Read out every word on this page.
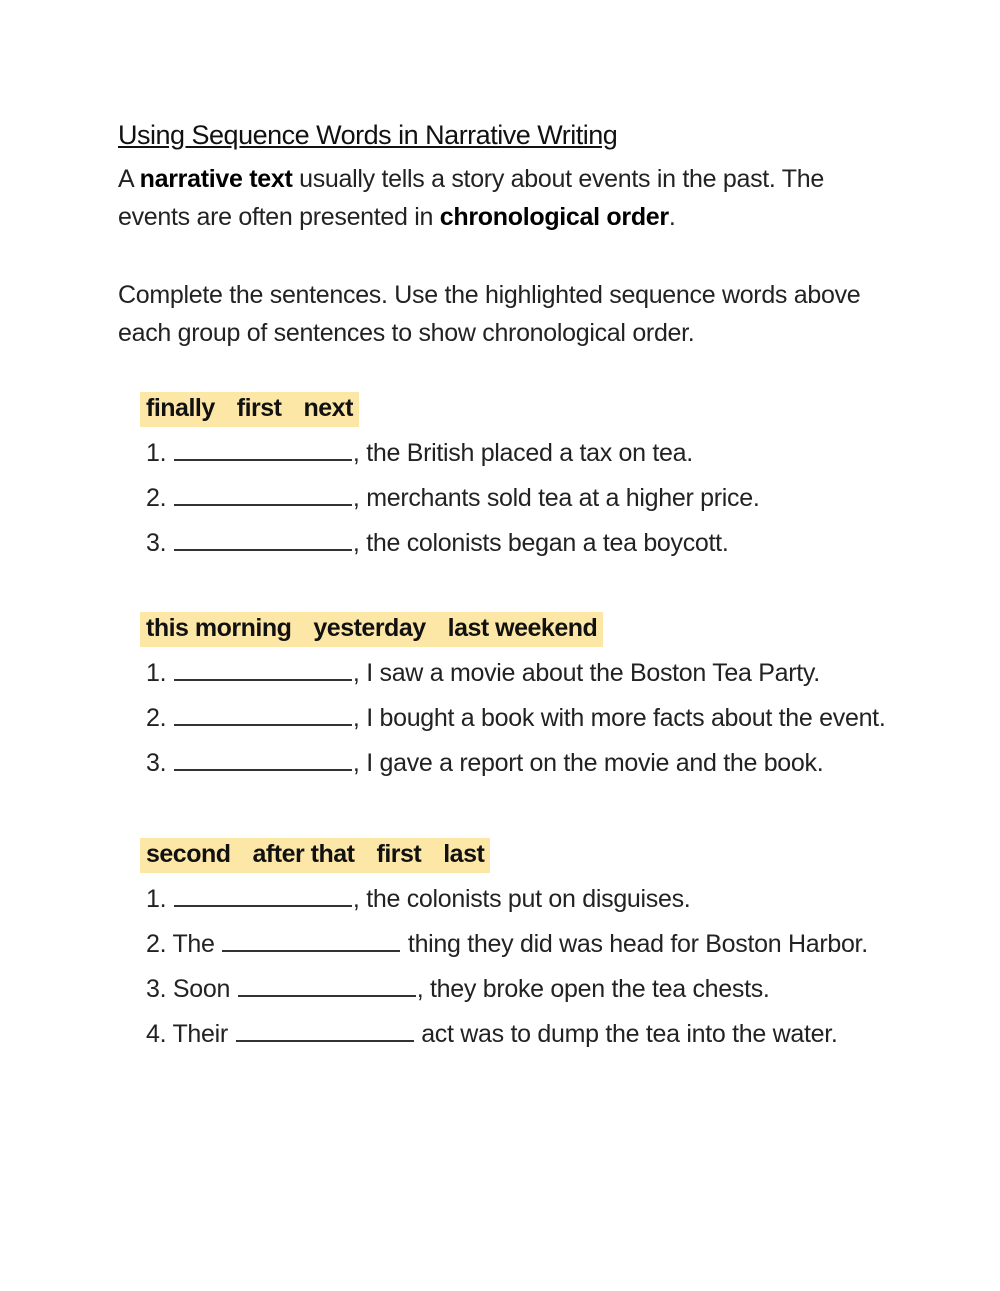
Using Sequence Words in Narrative Writing
A narrative text usually tells a story about events in the past. The events are often presented in chronological order.
Complete the sentences. Use the highlighted sequence words above each group of sentences to show chronological order.
finally first next
1.	, the British placed a tax on tea.
2.	, merchants sold tea at a higher price.
3.	, the colonists began a tea boycott.
this morning yesterday last weekend
1.	, I saw a movie about the Boston Tea Party.
2.	, I bought a book with more facts about the event.
3.	, I gave a report on the movie and the book.
second after that first last
1.	, the colonists put on disguises.
2. The	thing they did was head for Boston Harbor.
3. Soon	, they broke open the tea chests.
4. Their	act was to dump the tea into the water.
